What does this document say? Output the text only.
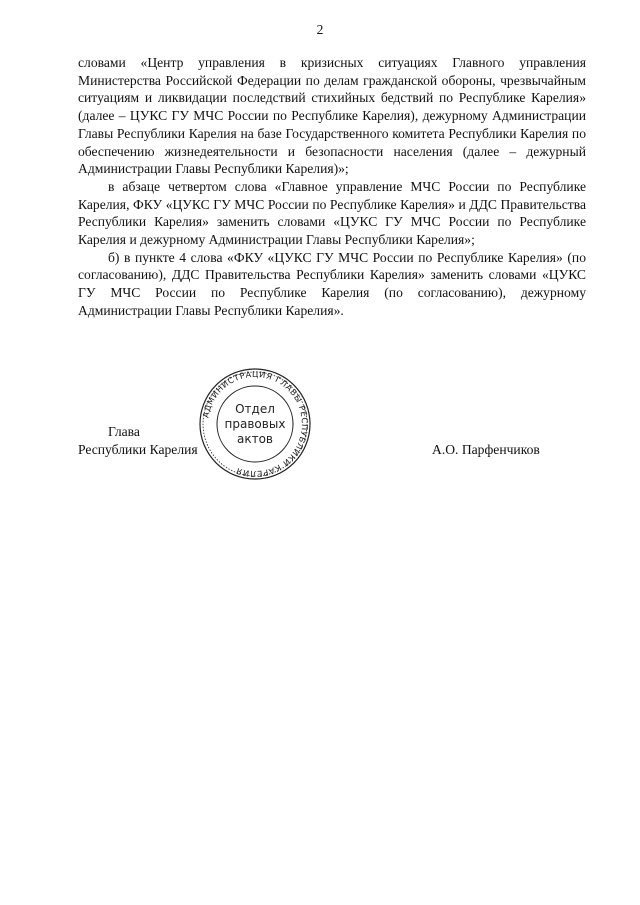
2

словами «Центр управления в кризисных ситуациях Главного управления Министерства Российской Федерации по делам гражданской обороны, чрезвычайным ситуациям и ликвидации последствий стихийных бедствий по Республике Карелия» (далее – ЦУКС ГУ МЧС России по Республике Карелия), дежурному Администрации Главы Республики Карелия на базе Государственного комитета Республики Карелия по обеспечению жизнедеятельности и безопасности населения (далее – дежурный Администрации Главы Республики Карелия)»;

в абзаце четвертом слова «Главное управление МЧС России по Республике Карелия, ФКУ «ЦУКС ГУ МЧС России по Республике Карелия» и ДДС Правительства Республики Карелия» заменить словами «ЦУКС ГУ МЧС России по Республике Карелия и дежурному Администрации Главы Республики Карелия»;

б) в пункте 4 слова «ФКУ «ЦУКС ГУ МЧС России по Республике Карелия» (по согласованию), ДДС Правительства Республики Карелия» заменить словами «ЦУКС ГУ МЧС России по Республике Карелия (по согласованию), дежурному Администрации Главы Республики Карелия».

АДМИНИСТРАЦИЯ ГЛАВЫ РЕСПУБЛИКИ КАРЕЛИЯ
Отдел
правовых
актов
Глава
Республики Карелия	А.О. Парфенчиков
